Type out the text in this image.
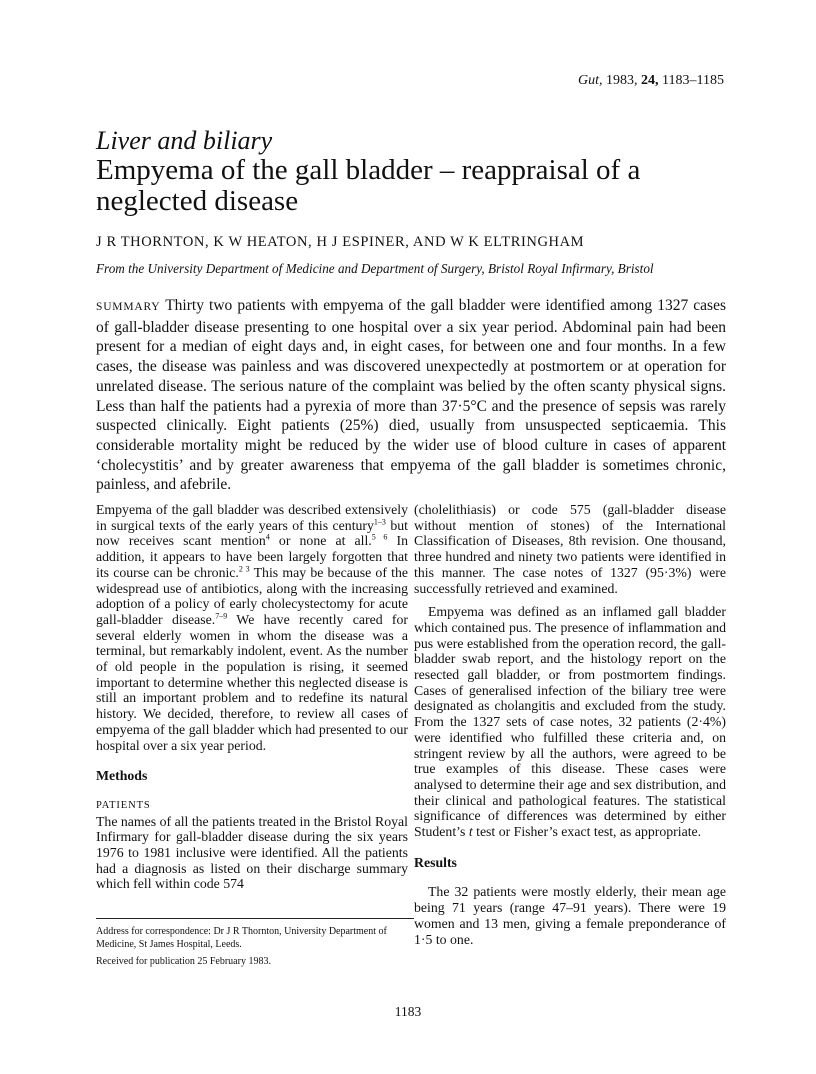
Gut, 1983, 24, 1183–1185
Liver and biliary
Empyema of the gall bladder – reappraisal of a neglected disease
J R THORNTON, K W HEATON, H J ESPINER, AND W K ELTRINGHAM
From the University Department of Medicine and Department of Surgery, Bristol Royal Infirmary, Bristol
SUMMARY Thirty two patients with empyema of the gall bladder were identified among 1327 cases of gall-bladder disease presenting to one hospital over a six year period. Abdominal pain had been present for a median of eight days and, in eight cases, for between one and four months. In a few cases, the disease was painless and was discovered unexpectedly at postmortem or at operation for unrelated disease. The serious nature of the complaint was belied by the often scanty physical signs. Less than half the patients had a pyrexia of more than 37·5°C and the presence of sepsis was rarely suspected clinically. Eight patients (25%) died, usually from unsuspected septicaemia. This considerable mortality might be reduced by the wider use of blood culture in cases of apparent ‘cholecystitis’ and by greater awareness that empyema of the gall bladder is sometimes chronic, painless, and afebrile.

Empyema of the gall bladder was described extensively in surgical texts of the early years of this century$^{1-3}$ but now receives scant mention$^4$ or none at all.$^{5 6}$ In addition, it appears to have been largely forgotten that its course can be chronic.$^{2 3}$ This may be because of the widespread use of antibiotics, along with the increasing adoption of a policy of early cholecystectomy for acute gall-bladder disease.$^{7-9}$ We have recently cared for several elderly women in whom the disease was a terminal, but remarkably indolent, event. As the number of old people in the population is rising, it seemed important to determine whether this neglected disease is still an important problem and to redefine its natural history. We decided, therefore, to review all cases of empyema of the gall bladder which had presented to our hospital over a six year period.

Methods
PATIENTS

The names of all the patients treated in the Bristol Royal Infirmary for gall-bladder disease during the six years 1976 to 1981 inclusive were identified. All the patients had a diagnosis as listed on their discharge summary which fell within code 574

(cholelithiasis) or code 575 (gall-bladder disease without mention of stones) of the International Classification of Diseases, 8th revision. One thousand, three hundred and ninety two patients were identified in this manner. The case notes of 1327 (95·3%) were successfully retrieved and examined.

Empyema was defined as an inflamed gall bladder which contained pus. The presence of inflammation and pus were established from the operation record, the gall-bladder swab report, and the histology report on the resected gall bladder, or from postmortem findings. Cases of generalised infection of the biliary tree were designated as cholangitis and excluded from the study. From the 1327 sets of case notes, 32 patients (2·4%) were identified who fulfilled these criteria and, on stringent review by all the authors, were agreed to be true examples of this disease. These cases were analysed to determine their age and sex distribution, and their clinical and pathological features. The statistical significance of differences was determined by either Student’s t test or Fisher’s exact test, as appropriate.

Results

The 32 patients were mostly elderly, their mean age being 71 years (range 47–91 years). There were 19 women and 13 men, giving a female preponderance of 1·5 to one.

Address for correspondence: Dr J R Thornton, University Department of Medicine, St James Hospital, Leeds.

Received for publication 25 February 1983.

1183
